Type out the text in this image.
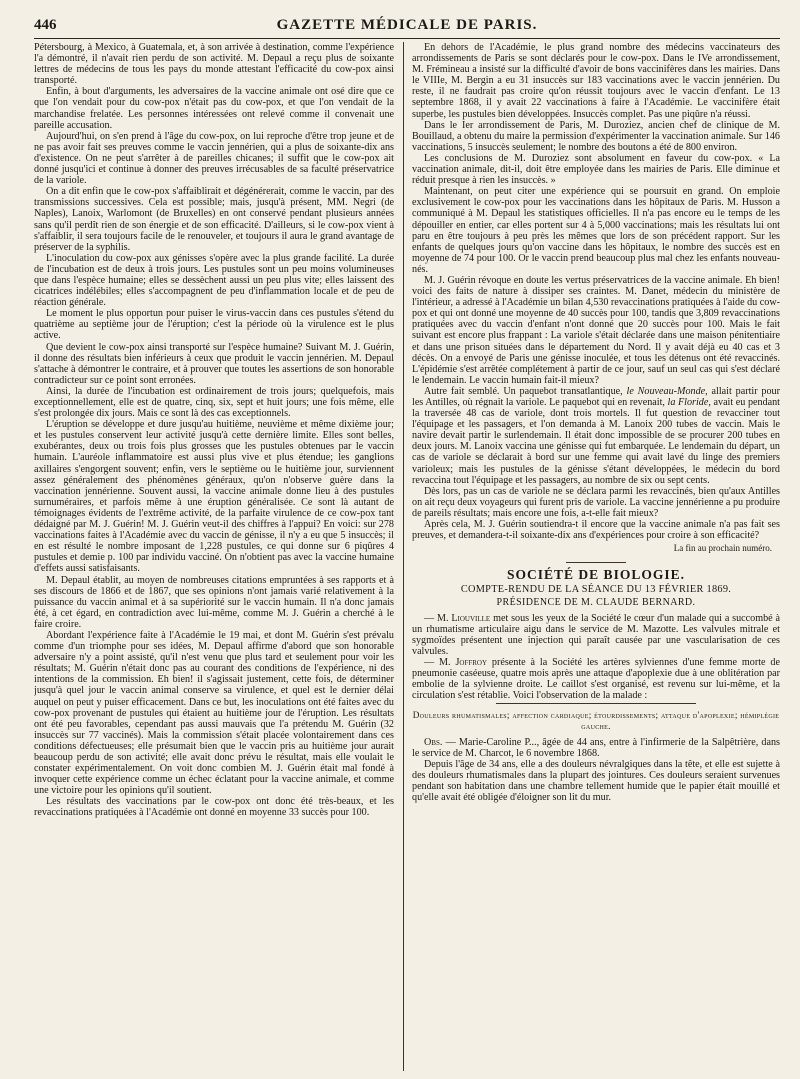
446	GAZETTE MÉDICALE DE PARIS.

Pétersbourg, à Mexico, à Guatemala, et, à son arrivée à destination, comme l'expérience l'a démontré, il n'avait rien perdu de son activité. M. Depaul a reçu plus de soixante lettres de médecins de tous les pays du monde attestant l'efficacité du cow-pox ainsi transporté.

Enfin, à bout d'arguments, les adversaires de la vaccine animale ont osé dire que ce que l'on vendait pour du cow-pox n'était pas du cow-pox, et que l'on vendait de la marchandise frelatée. Les personnes intéressées ont relevé comme il convenait une pareille accusation.

Aujourd'hui, on s'en prend à l'âge du cow-pox, on lui reproche d'être trop jeune et de ne pas avoir fait ses preuves comme le vaccin jennérien, qui a plus de soixante-dix ans d'existence. On ne peut s'arrêter à de pareilles chicanes; il suffit que le cow-pox ait donné jusqu'ici et continue à donner des preuves irrécusables de sa faculté préservatrice de la variole.

On a dit enfin que le cow-pox s'affaiblirait et dégénérerait, comme le vaccin, par des transmissions successives. Cela est possible; mais, jusqu'à présent, MM. Negri (de Naples), Lanoix, Warlomont (de Bruxelles) en ont conservé pendant plusieurs années sans qu'il perdît rien de son énergie et de son efficacité. D'ailleurs, si le cow-pox vient à s'affaiblir, il sera toujours facile de le renouveler, et toujours il aura le grand avantage de préserver de la syphilis.

L'inoculation du cow-pox aux génisses s'opère avec la plus grande facilité. La durée de l'incubation est de deux à trois jours. Les pustules sont un peu moins volumineuses que dans l'espèce humaine; elles se dessèchent aussi un peu plus vite; elles laissent des cicatrices indélébiles; elles s'accompagnent de peu d'inflammation locale et de peu de réaction générale.

Le moment le plus opportun pour puiser le virus-vaccin dans ces pustules s'étend du quatrième au septième jour de l'éruption; c'est la période où la virulence est le plus active.

Que devient le cow-pox ainsi transporté sur l'espèce humaine? Suivant M. J. Guérin, il donne des résultats bien inférieurs à ceux que produit le vaccin jennérien. M. Depaul s'attache à démontrer le contraire, et à prouver que toutes les assertions de son honorable contradicteur sur ce point sont erronées.

Ainsi, la durée de l'incubation est ordinairement de trois jours; quelquefois, mais exceptionnellement, elle est de quatre, cinq, six, sept et huit jours; une fois même, elle s'est prolongée dix jours. Mais ce sont là des cas exceptionnels.

L'éruption se développe et dure jusqu'au huitième, neuvième et même dixième jour; et les pustules conservent leur activité jusqu'à cette dernière limite. Elles sont belles, exubérantes, deux ou trois fois plus grosses que les pustules obtenues par le vaccin humain. L'auréole inflammatoire est aussi plus vive et plus étendue; les ganglions axillaires s'engorgent souvent; enfin, vers le septième ou le huitième jour, surviennent assez généralement des phénomènes généraux, qu'on n'observe guère dans la vaccination jennérienne. Souvent aussi, la vaccine animale donne lieu à des pustules surnuméraires, et parfois même à une éruption généralisée. Ce sont là autant de témoignages évidents de l'extrême activité, de la parfaite virulence de ce cow-pox tant dédaigné par M. J. Guérin! M. J. Guérin veut-il des chiffres à l'appui? En voici: sur 278 vaccinations faites à l'Académie avec du vaccin de génisse, il n'y a eu que 5 insuccès; il en est résulté le nombre imposant de 1,228 pustules, ce qui donne sur 6 piqûres 4 pustules et demie p. 100 par individu vacciné. On n'obtient pas avec la vaccine humaine d'effets aussi satisfaisants.

M. Depaul établit, au moyen de nombreuses citations empruntées à ses rapports et à ses discours de 1866 et de 1867, que ses opinions n'ont jamais varié relativement à la puissance du vaccin animal et à sa supériorité sur le vaccin humain. Il n'a donc jamais été, à cet égard, en contradiction avec lui-même, comme M. J. Guérin a cherché à le faire croire.

Abordant l'expérience faite à l'Académie le 19 mai, et dont M. Guérin s'est prévalu comme d'un triomphe pour ses idées, M. Depaul affirme d'abord que son honorable adversaire n'y a point assisté, qu'il n'est venu que plus tard et seulement pour voir les résultats; M. Guérin n'était donc pas au courant des conditions de l'expérience, ni des intentions de la commission. Eh bien! il s'agissait justement, cette fois, de déterminer jusqu'à quel jour le vaccin animal conserve sa virulence, et quel est le dernier délai auquel on peut y puiser efficacement. Dans ce but, les inoculations ont été faites avec du cow-pox provenant de pustules qui étaient au huitième jour de l'éruption. Les résultats ont été peu favorables, cependant pas aussi mauvais que l'a prétendu M. Guérin (32 insuccès sur 77 vaccinés). Mais la commission s'était placée volontairement dans ces conditions défectueuses; elle présumait bien que le vaccin pris au huitième jour aurait beaucoup perdu de son activité; elle avait donc prévu le résultat, mais elle voulait le constater expérimentalement. On voit donc combien M. J. Guérin était mal fondé à invoquer cette expérience comme un échec éclatant pour la vaccine animale, et comme une victoire pour les opinions qu'il soutient.

Les résultats des vaccinations par le cow-pox ont donc été très-beaux, et les revaccinations pratiquées à l'Académie ont donné en moyenne 33 succès pour 100.

En dehors de l'Académie, le plus grand nombre des médecins vaccinateurs des arrondissements de Paris se sont déclarés pour le cow-pox. Dans le IVe arrondissement, M. Frémineau a insisté sur la difficulté d'avoir de bons vaccinifères dans les mairies. Dans le VIIIe, M. Bergin a eu 31 insuccès sur 183 vaccinations avec le vaccin jennérien. Du reste, il ne faudrait pas croire qu'on réussit toujours avec le vaccin d'enfant. Le 13 septembre 1868, il y avait 22 vaccinations à faire à l'Académie. Le vaccinifère était superbe, les pustules bien développées. Insuccès complet. Pas une piqûre n'a réussi.

Dans le Ier arrondissement de Paris, M. Duroziez, ancien chef de clinique de M. Bouillaud, a obtenu du maire la permission d'expérimenter la vaccination animale. Sur 146 vaccinations, 5 insuccès seulement; le nombre des boutons a été de 800 environ.

Les conclusions de M. Duroziez sont absolument en faveur du cow-pox. « La vaccination animale, dit-il, doit être employée dans les mairies de Paris. Elle diminue et réduit presque à rien les insuccès. »

Maintenant, on peut citer une expérience qui se poursuit en grand. On emploie exclusivement le cow-pox pour les vaccinations dans les hôpitaux de Paris. M. Husson a communiqué à M. Depaul les statistiques officielles. Il n'a pas encore eu le temps de les dépouiller en entier, car elles portent sur 4 à 5,000 vaccinations; mais les résultats lui ont paru en être toujours à peu près les mêmes que lors de son précédent rapport. Sur les enfants de quelques jours qu'on vaccine dans les hôpitaux, le nombre des succès est en moyenne de 74 pour 100. Or le vaccin prend beaucoup plus mal chez les enfants nouveau-nés.

M. J. Guérin révoque en doute les vertus préservatrices de la vaccine animale. Eh bien! voici des faits de nature à dissiper ses craintes. M. Danet, médecin du ministère de l'intérieur, a adressé à l'Académie un bilan 4,530 revaccinations pratiquées à l'aide du cow-pox et qui ont donné une moyenne de 40 succès pour 100, tandis que 3,809 revaccinations pratiquées avec du vaccin d'enfant n'ont donné que 20 succès pour 100. Mais le fait suivant est encore plus frappant : La variole s'était déclarée dans une maison pénitentiaire et dans une prison situées dans le département du Nord. Il y avait déjà eu 40 cas et 3 décès. On a envoyé de Paris une génisse inoculée, et tous les détenus ont été revaccinés. L'épidémie s'est arrêtée complétement à partir de ce jour, sauf un seul cas qui s'est déclaré le lendemain. Le vaccin humain fait-il mieux?

Autre fait semblé. Un paquebot transatlantique, le Nouveau-Monde, allait partir pour les Antilles, où régnait la variole. Le paquebot qui en revenait, la Floride, avait eu pendant la traversée 48 cas de variole, dont trois mortels. Il fut question de revacciner tout l'équipage et les passagers, et l'on demanda à M. Lanoix 200 tubes de vaccin. Mais le navire devait partir le surlendemain. Il était donc impossible de se procurer 200 tubes en deux jours. M. Lanoix vaccina une génisse qui fut embarquée. Le lendemain du départ, un cas de variole se déclarait à bord sur une femme qui avait lavé du linge des premiers varioleux; mais les pustules de la génisse s'étant développées, le médecin du bord revaccina tout l'équipage et les passagers, au nombre de six ou sept cents.

Dès lors, pas un cas de variole ne se déclara parmi les revaccinés, bien qu'aux Antilles on ait reçu deux voyageurs qui furent pris de variole. La vaccine jennérienne a pu produire de pareils résultats; mais encore une fois, a-t-elle fait mieux?

Après cela, M. J. Guérin soutiendra-t il encore que la vaccine animale n'a pas fait ses preuves, et demandera-t-il soixante-dix ans d'expériences pour croire à son efficacité?

La fin au prochain numéro.
SOCIÉTÉ DE BIOLOGIE.
COMPTE-RENDU DE LA SÉANCE DU 13 FÉVRIER 1869.
PRÉSIDENCE DE M. CLAUDE BERNARD.

— M. Liouville met sous les yeux de la Société le cœur d'un malade qui a succombé à un rhumatisme articulaire aigu dans le service de M. Mazotte. Les valvules mitrale et sygmoïdes présentent une injection qui paraît causée par une vascularisation de ces valvules.

— M. Joffroy présente à la Société les artères sylviennes d'une femme morte de pneumonie caséeuse, quatre mois après une attaque d'apoplexie due à une oblitération par embolie de la sylvienne droite. Le caillot s'est organisé, est revenu sur lui-même, et la circulation s'est rétablie. Voici l'observation de la malade :

Douleurs rhumatismales; affection cardiaque; étourdissements; attaque d'apoplexie; hémiplégie gauche.

Obs. — Marie-Caroline P..., âgée de 44 ans, entre à l'infirmerie de la Salpêtrière, dans le service de M. Charcot, le 6 novembre 1868.

Depuis l'âge de 34 ans, elle a des douleurs névralgiques dans la tête, et elle est sujette à des douleurs rhumatismales dans la plupart des jointures. Ces douleurs seraient survenues pendant son habitation dans une chambre tellement humide que le papier était mouillé et qu'elle avait été obligée d'éloigner son lit du mur.
